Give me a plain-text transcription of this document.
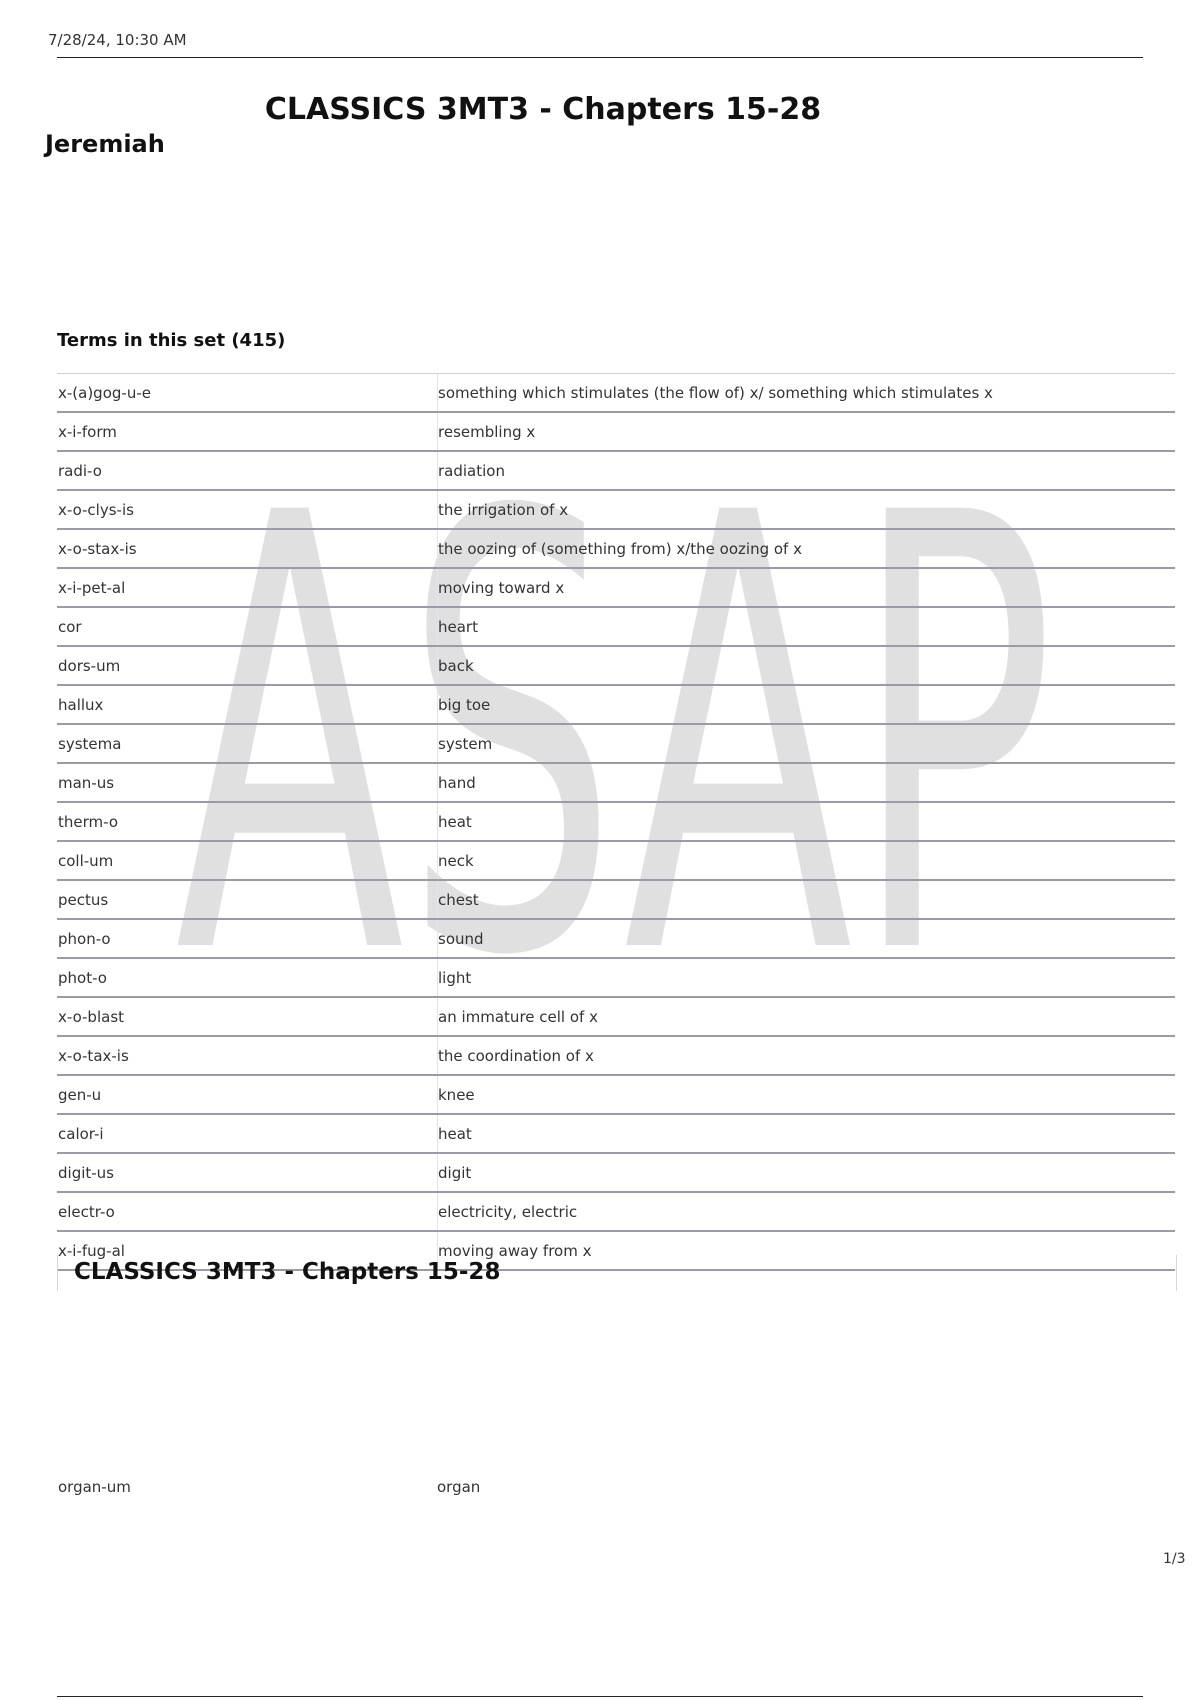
7/28/24, 10:30 AM
CLASSICS 3MT3 - Chapters 15-28
Jeremiah
Terms in this set (415)
ASAP
x-(a)gog-u-e	something which stimulates (the flow of) x/ something which stimulates x
x-i-form	resembling x
radi-o	radiation
x-o-clys-is	the irrigation of x
x-o-stax-is	the oozing of (something from) x/the oozing of x
x-i-pet-al	moving toward x
cor	heart
dors-um	back
hallux	big toe
systema	system
man-us	hand
therm-o	heat
coll-um	neck
pectus	chest
phon-o	sound
phot-o	light
x-o-blast	an immature cell of x
x-o-tax-is	the coordination of x
gen-u	knee
calor-i	heat
digit-us	digit
electr-o	electricity, electric
x-i-fug-al	moving away from x
CLASSICS 3MT3 - Chapters 15-28
organ-um	organ
1/3
